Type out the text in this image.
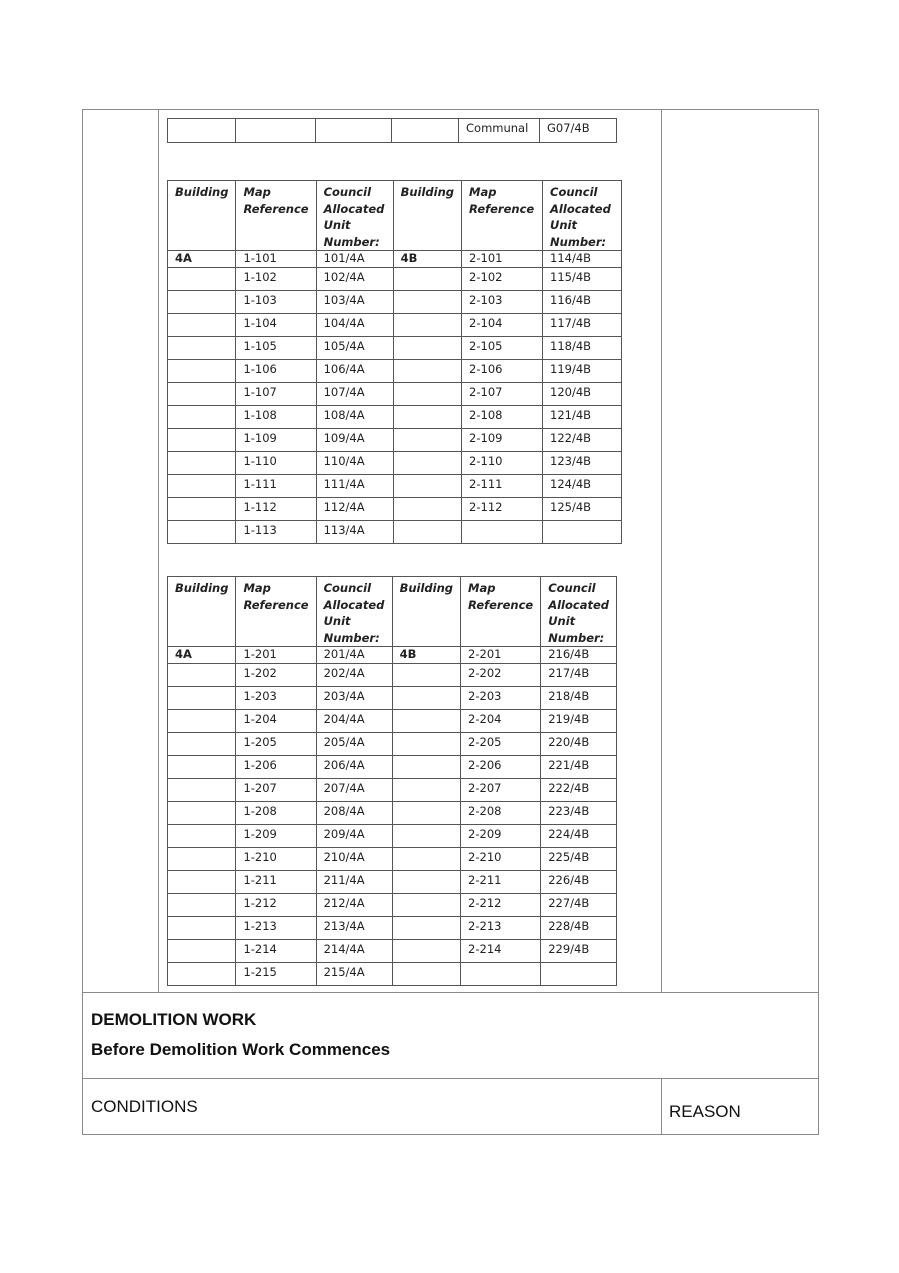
				Communal	G07/4B
Building	Map Reference	Council Allocated Unit Number:	Building	Map Reference	Council Allocated Unit Number:
4A	1-101	101/4A	4B	2-101	114/4B
	1-102	102/4A		2-102	115/4B
	1-103	103/4A		2-103	116/4B
	1-104	104/4A		2-104	117/4B
	1-105	105/4A		2-105	118/4B
	1-106	106/4A		2-106	119/4B
	1-107	107/4A		2-107	120/4B
	1-108	108/4A		2-108	121/4B
	1-109	109/4A		2-109	122/4B
	1-110	110/4A		2-110	123/4B
	1-111	111/4A		2-111	124/4B
	1-112	112/4A		2-112	125/4B
	1-113	113/4A			
Building	Map Reference	Council Allocated Unit Number:	Building	Map Reference	Council Allocated Unit Number:
4A	1-201	201/4A	4B	2-201	216/4B
	1-202	202/4A		2-202	217/4B
	1-203	203/4A		2-203	218/4B
	1-204	204/4A		2-204	219/4B
	1-205	205/4A		2-205	220/4B
	1-206	206/4A		2-206	221/4B
	1-207	207/4A		2-207	222/4B
	1-208	208/4A		2-208	223/4B
	1-209	209/4A		2-209	224/4B
	1-210	210/4A		2-210	225/4B
	1-211	211/4A		2-211	226/4B
	1-212	212/4A		2-212	227/4B
	1-213	213/4A		2-213	228/4B
	1-214	214/4A		2-214	229/4B
	1-215	215/4A			
DEMOLITION WORK
Before Demolition Work Commences
CONDITIONS	REASON
